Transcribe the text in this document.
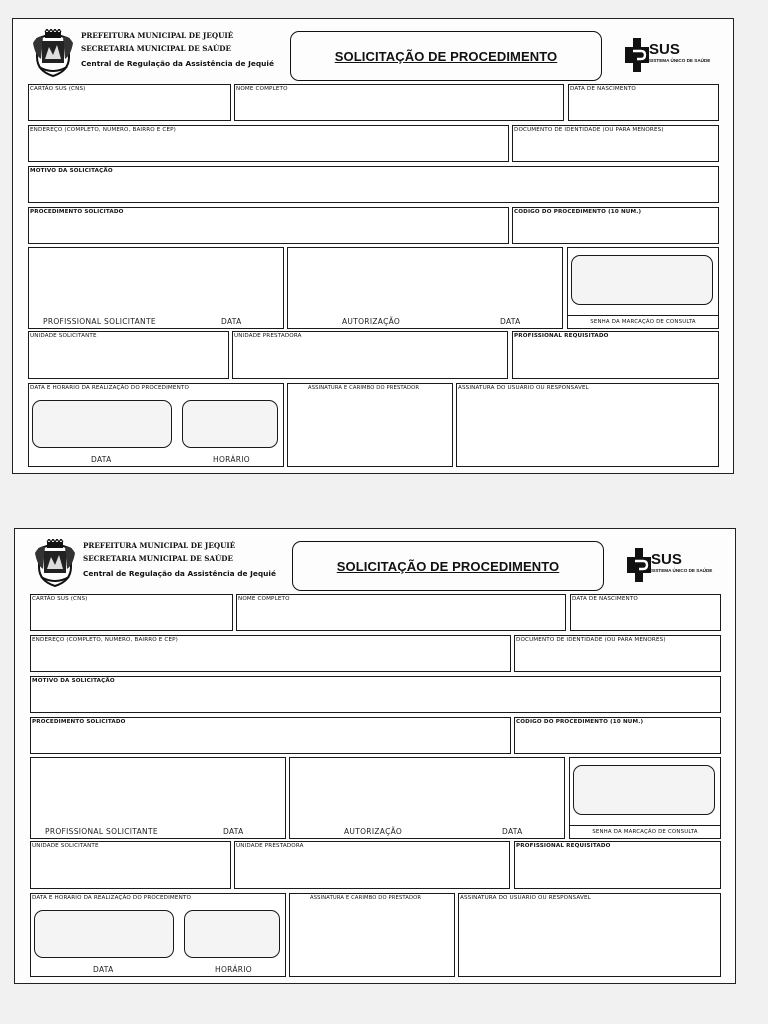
PREFEITURA MUNICIPAL DE JEQUIÉ
SECRETARIA MUNICIPAL DE SAÚDE
Central de Regulação da Assistência de Jequié	SOLICITAÇÃO DE PROCEDIMENTO	SUS
SISTEMA ÚNICO DE SAÚDE
CARTÃO SUS (CNS)	NOME COMPLETO	DATA DE NASCIMENTO
ENDEREÇO (COMPLETO, NUMERO, BAIRRO E CEP)	DOCUMENTO DE IDENTIDADE (OU PARA MENORES)
MOTIVO DA SOLICITAÇÃO
PROCEDIMENTO SOLICITADO	CODIGO DO PROCEDIMENTO (10 NUM.)
PROFISSIONAL SOLICITANTE	DATA	AUTORIZAÇÃO	DATA	SENHA DA MARCAÇÃO DE CONSULTA
UNIDADE SOLICITANTE	UNIDADE PRESTADORA	PROFISSIONAL REQUISITADO
DATA E HORARIO DA REALIZAÇÃO DO PROCEDIMENTO
DATA	HORÁRIO
ASSINATURA E CARIMBO DO PRESTADOR	ASSINATURA DO USUARIO OU RESPONSAVEL
PREFEITURA MUNICIPAL DE JEQUIÉ
SECRETARIA MUNICIPAL DE SAÚDE
Central de Regulação da Assistência de Jequié	SOLICITAÇÃO DE PROCEDIMENTO	SUS
SISTEMA ÚNICO DE SAÚDE
CARTÃO SUS (CNS)	NOME COMPLETO	DATA DE NASCIMENTO
ENDEREÇO (COMPLETO, NUMERO, BAIRRO E CEP)	DOCUMENTO DE IDENTIDADE (OU PARA MENORES)
MOTIVO DA SOLICITAÇÃO
PROCEDIMENTO SOLICITADO	CODIGO DO PROCEDIMENTO (10 NUM.)
PROFISSIONAL SOLICITANTE	DATA	AUTORIZAÇÃO	DATA	SENHA DA MARCAÇÃO DE CONSULTA
UNIDADE SOLICITANTE	UNIDADE PRESTADORA	PROFISSIONAL REQUISITADO
DATA E HORARIO DA REALIZAÇÃO DO PROCEDIMENTO
DATA	HORÁRIO
ASSINATURA E CARIMBO DO PRESTADOR	ASSINATURA DO USUARIO OU RESPONSAVEL
